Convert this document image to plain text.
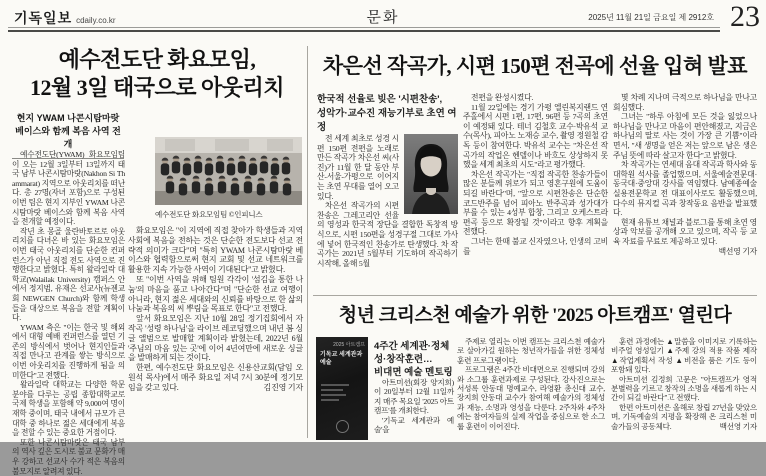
기독일보 cdaily.co.kr	문화	2025년 11월 21일 금요일 제 2912호 23
예수전도단 화요모임,
12월 3일 태국으로 아웃리치
현지 YWAM 나콘시탐마랏
베이스와 함께 복음 사역 전개

예수전도단(YWAM) 화요모임팀이 오는 12월 3일부터 13일까지 태국 남부 나콘시탐마랏(Nakhon Si Thammarat) 지역으로 아웃리치를 떠난다. 총 27명(자녀 포함)으로 구성된 이번 팀은 현지 지부인 YWAM 나콘시탐마랏 베이스와 함께 복음 사역을 전개할 예정이다.

작년 초 몽골 울란바토르로 아웃리치를 다녀온 바 있는 화요모임은 이번 태국 아웃리치를 단순한 컨퍼런스가 아닌 직접 전도 사역으로 진행한다고 밝혔다. 특히 왈라일락 대학교(Walailak University) 캠퍼스 안에서 정지범, 유재은 선교사(뉴젠교회 NEWGEN Church)와 함께 학생들을 대상으로 복음을 전할 계획이다.

YWAM 측은 "이는 한국 및 해외에서 대형 예배 컨퍼런스를 열던 기존의 방식에서 벗어나 현지인들과 직접 만나고 관계를 쌓는 방식으로 이번 아웃리치를 진행하게 됨을 의미한다"고 전했다.

왈라일락 대학교는 다양한 학문 분야를 다루는 공립 종합대학교로 국제 학생을 포함해 약 9,000여 명이 재학 중이며, 태국 내에서 규모가 큰 대학 중 하나로 젊은 세대에게 복음을 전할 수 있는 중요한 거점이다.

또한 나콘시탐마랏은 태국 남부의 역사 깊은 도시로 불교 문화가 매우 강하고 선교사 수가 적은 복음의 불모지로 알려져 있다.

예수전도단 화요모임팀 ©인피니스

화요모임은 "이 지역에 직접 찾아가 학생들과 지역 사회에 복음을 전하는 것은 단순한 전도보다 선교 전략적 의미가 크다"며 "특히 YWAM 나콘시탐마랏 베이스와 협력함으로써 현지 교회 및 선교 네트워크를 활용한 지속 가능한 사역이 기대된다"고 밝혔다.

또 "이번 사역을 위해 팀원 각각이 '섬김을 통한 나눔'의 마음을 품고 나아간다"며 "단순한 선교 여행이 아니라, 현지 젊은 세대와의 신뢰를 바탕으로 한 삶의 나눔과 복음의 씨 뿌림을 목표로 한다"고 전했다.

앞서 화요모임은 지난 10월 28일 정기집회에서 자작곡 '성령 하나님'을 라이브 레코딩했으며 내년 봄 싱글 앨범으로 발매할 계획이라 밝혔는데, 2022년 6월 '주님의 마음 있는 곳'에 이어 4년여만에 새로운 싱글을 발매하게 되는 것이다.

한편, 예수전도단 화요모임은 신용산교회(담임 오원석 목사)에서 매주 화요일 저녁 7시 30분에 정기모임을 갖고 있다.	김진영 기자

차은선 작곡가, 시편 150편 전곡에 선율 입혀 발표
한국적 선율로 빚은 '시편찬송',
성악가·교수진 재능기부로 초연 여정

전 세계 최초로 성경 시편 150편 전편을 노래로 만든 작곡가 차은선 씨(사진)가 11월 한 달 동안 부산-서울-가평으로 이어지는 초연 무대를 열어 오고 있다.

차은선 작곡가의 시편찬송은 그레고리안 선율의 영성과 한국적 장단을 결합한 독창적 방식으로, 시편 150편을 성경구절 그대로 가사에 넣어 한국적인 찬송가로 탄생했다. 차 작곡가는 2021년 5월부터 기도하며 작곡하기 시작해, 올해 5월

전편을 완성시켰다.

11월 22일에는 경기 가평 엘린복지랜드 연주홀에서 시편 1편, 17편, 96편 등 7곡의 초연이 예정돼 있다. 테너 김철호 교수·박유석 교수(목사), 피아노 노재승 교수, 촬영 정원철 감독 등이 참여한다. 박유석 교수는 "차은선 작곡가의 작업은 헨델이나 바흐도 상상하지 못했을 세계 최초의 시도"라고 평가했다.

차은선 작곡가는 "직접 작곡한 찬송가들이 많은 분들께 위로가 되고 영혼구원에 도움이 되길 바란다"며, "앞으로 시편찬송은 단순한 코드반주를 넘어 피아노 반주곡과 성가대가 부를 수 있는 4성부 합창, 그리고 오케스트라 편곡 등으로 확장될 것"이라고 향후 계획을 전했다.

그녀는 한때 불교 신자였으나, 인생의 고비를

몇 차례 지나며 극적으로 하나님을 만나고 회심했다.

그녀는 "하루 아침에 모든 것을 잃었으나 하나님을 만나고 마음이 편안해졌고, 지금은 하나님의 딸로 사는 것이 가장 큰 기쁨"이라면서, "새 생명을 얻은 저는 앞으로 남은 생은 주님 뜻에 따라 살고자 한다"고 밝혔다.

차 작곡가는 연세대 음대 작곡과 학사와 동 대학원 석사를 졸업했으며, 서울예술전문대·동국대·중앙대 강사를 역임했다. 남예종예술실용전문학교 전 대표이사로도 활동했으며, 다수의 뮤지컬 곡과 창작동요 음반을 발표했다.

현재 유튜브 채널과 블로그를 통해 초연 영상과 악보를 공개해 오고 있으며, 작곡 등 교육 자료를 무료로 제공하고 있다.
백선영 기자

청년 크리스천 예술가 위한 '2025 아트캠프' 열린다
2025 아트캠프
기독교 세계관과 예술
4주간 세계관·정체성·창작훈련…
비대면 예술 멘토링

아트미션(회장 양지희)이 20일부터 12월 11일까지 매주 목요일 '2025 아트캠프'를 개최한다.

'기독교 세계관과 예술'을

주제로 열리는 이번 캠프는 크리스천 예술가로 살아가길 원하는 청년작가들을 위한 정체성 훈련 프로그램이다.

프로그램은 4주간 비대면으로 진행되며 강의와 소그룹 훈련과제로 구성된다. 강사진으로는 서성록 안동대 명예교수, 라영환 총신대 교수, 장지희 안동대 교수가 참여해 예술가의 정체성과 재능, 소명과 영성을 다룬다. 2주차와 4주차에는 참여자들의 실제 작업을 중심으로 한 소그룹 훈련이 이어진다.

훈련 과정에는 ▲말씀을 이미지로 기록하는 비주얼 영성일기 ▲주제 강의 적용 작품 제작 ▲작업계획서 작성 ▲비전을 품은 기도 등이 포함돼 있다.

아트미션 김정희 고문은 "아트캠프가 영적 분별력을 기르고 창작의 소명을 새롭게 하는 시간이 되길 바란다"고 전했다.

한편 아트미션은 올해로 창립 27년을 맞았으며, 기독예술의 지평을 확장해 온 크리스천 미술가들의 공동체다.	백선영 기자
